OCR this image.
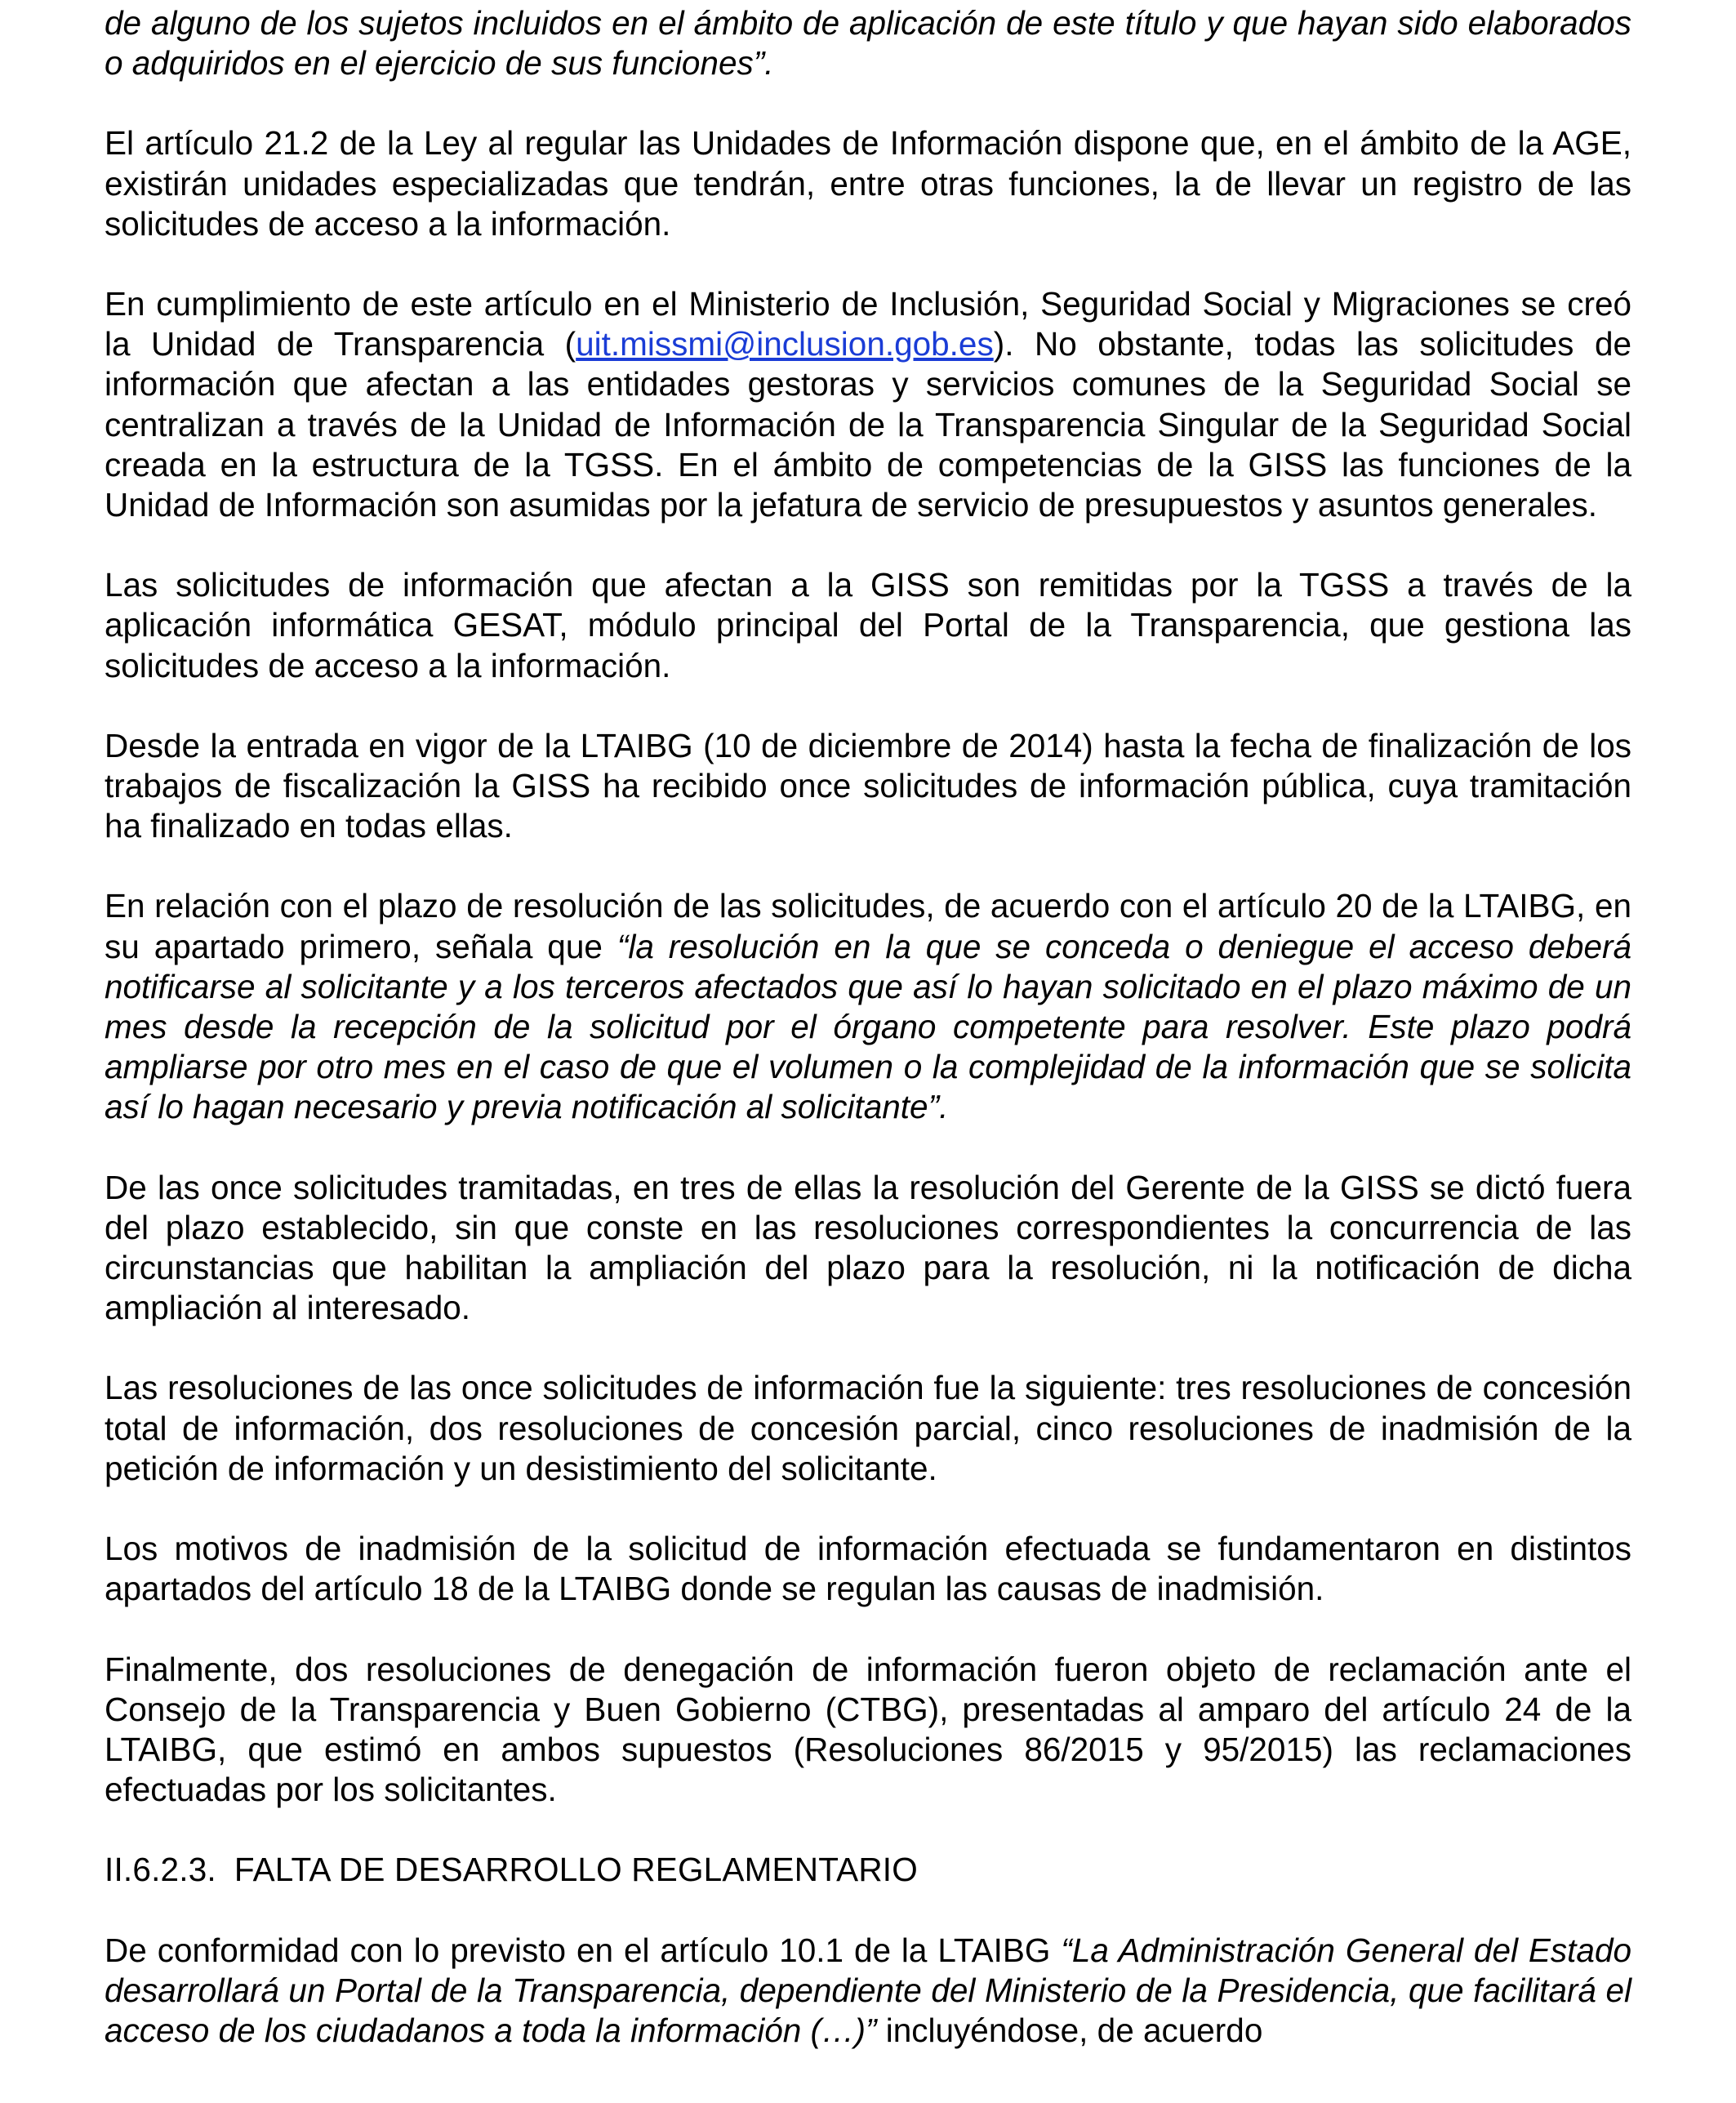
de alguno de los sujetos incluidos en el ámbito de aplicación de este título y que hayan sido elaborados o adquiridos en el ejercicio de sus funciones”.

El artículo 21.2 de la Ley al regular las Unidades de Información dispone que, en el ámbito de la AGE, existirán unidades especializadas que tendrán, entre otras funciones, la de llevar un registro de las solicitudes de acceso a la información.

En cumplimiento de este artículo en el Ministerio de Inclusión, Seguridad Social y Migraciones se creó la Unidad de Transparencia (uit.missmi@inclusion.gob.es). No obstante, todas las solicitudes de información que afectan a las entidades gestoras y servicios comunes de la Seguridad Social se centralizan a través de la Unidad de Información de la Transparencia Singular de la Seguridad Social creada en la estructura de la TGSS. En el ámbito de competencias de la GISS las funciones de la Unidad de Información son asumidas por la jefatura de servicio de presupuestos y asuntos generales.

Las solicitudes de información que afectan a la GISS son remitidas por la TGSS a través de la aplicación informática GESAT, módulo principal del Portal de la Transparencia, que gestiona las solicitudes de acceso a la información.

Desde la entrada en vigor de la LTAIBG (10 de diciembre de 2014) hasta la fecha de finalización de los trabajos de fiscalización la GISS ha recibido once solicitudes de información pública, cuya tramitación ha finalizado en todas ellas.

En relación con el plazo de resolución de las solicitudes, de acuerdo con el artículo 20 de la LTAIBG, en su apartado primero, señala que “la resolución en la que se conceda o deniegue el acceso deberá notificarse al solicitante y a los terceros afectados que así lo hayan solicitado en el plazo máximo de un mes desde la recepción de la solicitud por el órgano competente para resolver. Este plazo podrá ampliarse por otro mes en el caso de que el volumen o la complejidad de la información que se solicita así lo hagan necesario y previa notificación al solicitante”.

De las once solicitudes tramitadas, en tres de ellas la resolución del Gerente de la GISS se dictó fuera del plazo establecido, sin que conste en las resoluciones correspondientes la concurrencia de las circunstancias que habilitan la ampliación del plazo para la resolución, ni la notificación de dicha ampliación al interesado.

Las resoluciones de las once solicitudes de información fue la siguiente: tres resoluciones de concesión total de información, dos resoluciones de concesión parcial, cinco resoluciones de inadmisión de la petición de información y un desistimiento del solicitante.

Los motivos de inadmisión de la solicitud de información efectuada se fundamentaron en distintos apartados del artículo 18 de la LTAIBG donde se regulan las causas de inadmisión.

Finalmente, dos resoluciones de denegación de información fueron objeto de reclamación ante el Consejo de la Transparencia y Buen Gobierno (CTBG), presentadas al amparo del artículo 24 de la LTAIBG, que estimó en ambos supuestos (Resoluciones 86/2015 y 95/2015) las reclamaciones efectuadas por los solicitantes.

II.6.2.3. FALTA DE DESARROLLO REGLAMENTARIO

De conformidad con lo previsto en el artículo 10.1 de la LTAIBG “La Administración General del Estado desarrollará un Portal de la Transparencia, dependiente del Ministerio de la Presidencia, que facilitará el acceso de los ciudadanos a toda la información (…)” incluyéndose, de acuerdo
